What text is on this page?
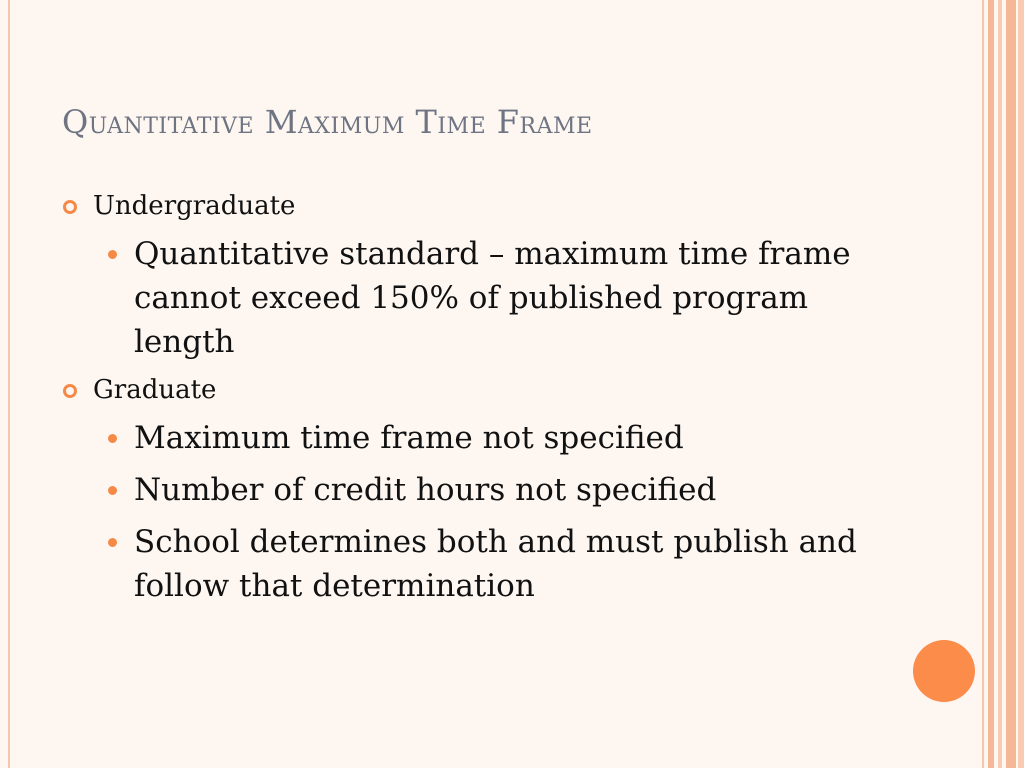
Quantitative Maximum Time Frame
Undergraduate
Quantitative standard – maximum time frame cannot exceed 150% of published program length
Graduate
Maximum time frame not specified
Number of credit hours not specified
School determines both and must publish and follow that determination
